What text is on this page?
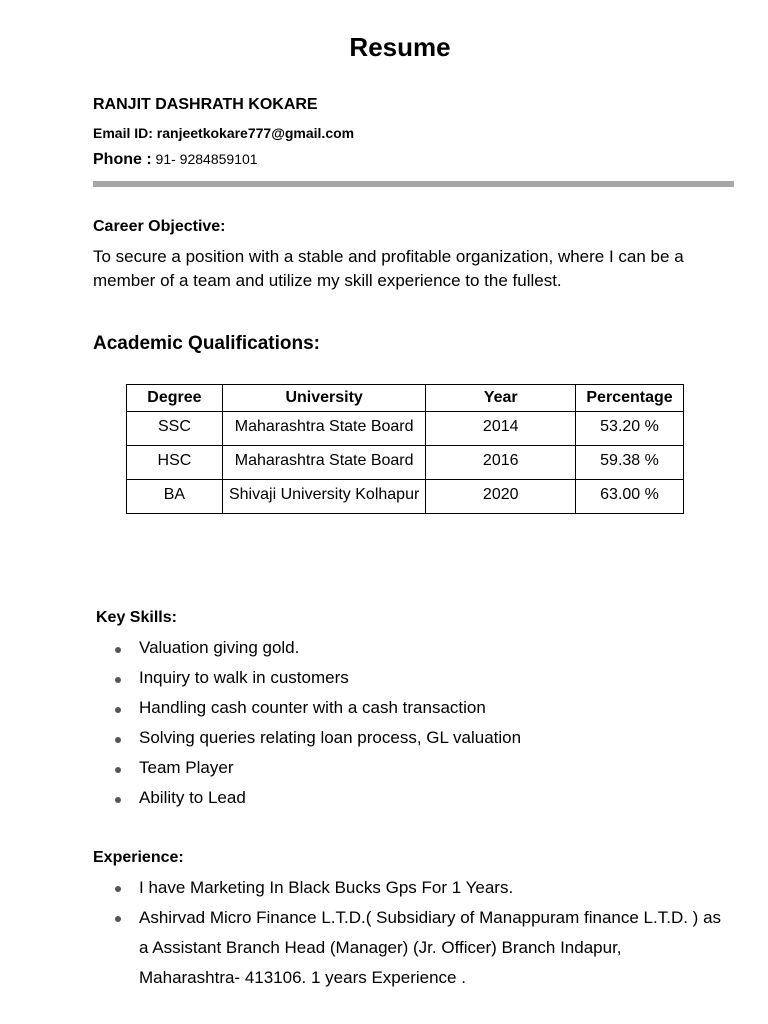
Resume
RANJIT DASHRATH KOKARE
Email ID: ranjeetkokare777@gmail.com
Phone : 91- 9284859101
Career Objective:
To secure a position with a stable and profitable organization, where I can be a member of a team and utilize my skill experience to the fullest.
Academic Qualifications:
Degree	University	Year	Percentage
SSC	Maharashtra State Board	2014	53.20 %
HSC	Maharashtra State Board	2016	59.38 %
BA	Shivaji University Kolhapur	2020	63.00 %
Key Skills:
Valuation giving gold.
Inquiry to walk in customers
Handling cash counter with a cash transaction
Solving queries relating loan process, GL valuation
Team Player
Ability to Lead
Experience:
I have Marketing In Black Bucks Gps For 1 Years.
Ashirvad Micro Finance L.T.D.( Subsidiary of Manappuram finance L.T.D. ) as a Assistant Branch Head (Manager) (Jr. Officer) Branch Indapur, Maharashtra- 413106. 1 years Experience .
